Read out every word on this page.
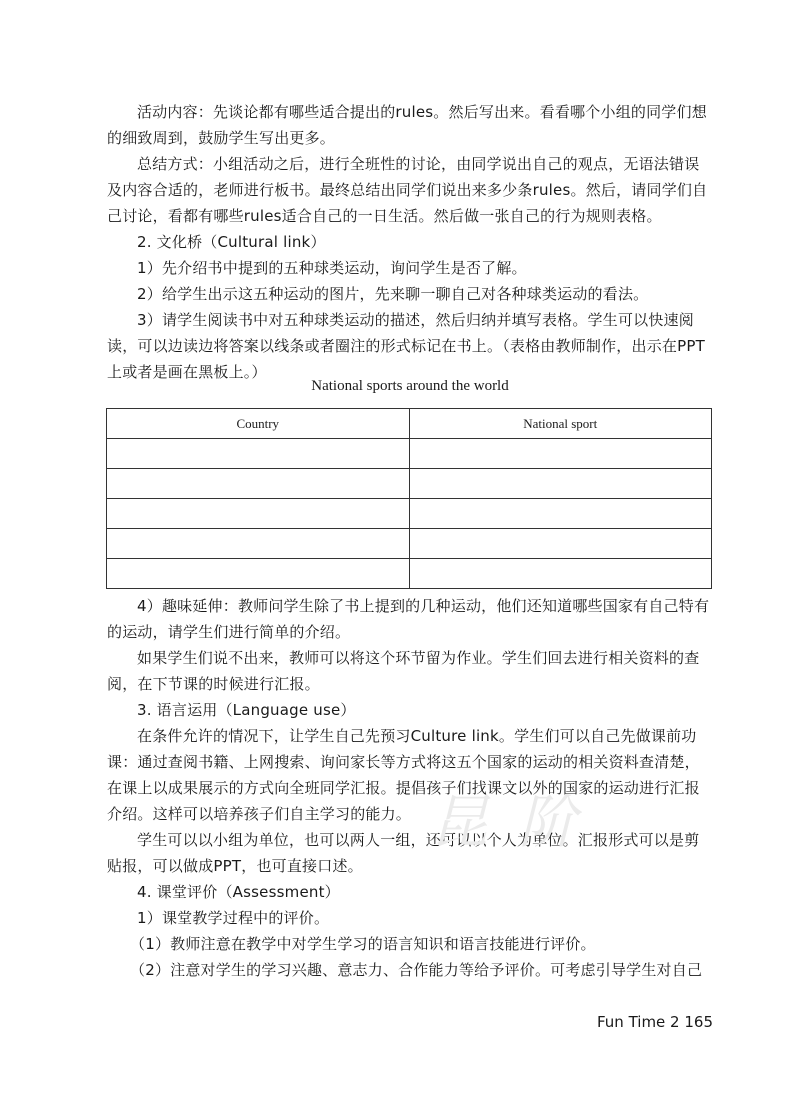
活动内容：先谈论都有哪些适合提出的rules。然后写出来。看看哪个小组的同学们想的细致周到，鼓励学生写出更多。

总结方式：小组活动之后，进行全班性的讨论，由同学说出自己的观点，无语法错误及内容合适的，老师进行板书。最终总结出同学们说出来多少条rules。然后，请同学们自己讨论，看都有哪些rules适合自己的一日生活。然后做一张自己的行为规则表格。

2. 文化桥（Cultural link）

1）先介绍书中提到的五种球类运动，询问学生是否了解。

2）给学生出示这五种运动的图片，先来聊一聊自己对各种球类运动的看法。

3）请学生阅读书中对五种球类运动的描述，然后归纳并填写表格。学生可以快速阅读，可以边读边将答案以线条或者圈注的形式标记在书上。（表格由教师制作，出示在PPT上或者是画在黑板上。）

National sports around the world
Country	National sport

4）趣味延伸：教师问学生除了书上提到的几种运动，他们还知道哪些国家有自己特有的运动，请学生们进行简单的介绍。

如果学生们说不出来，教师可以将这个环节留为作业。学生们回去进行相关资料的查阅，在下节课的时候进行汇报。

3. 语言运用（Language use）

在条件允许的情况下，让学生自己先预习Culture link。学生们可以自己先做课前功课：通过查阅书籍、上网搜索、询问家长等方式将这五个国家的运动的相关资料查清楚，在课上以成果展示的方式向全班同学汇报。提倡孩子们找课文以外的国家的运动进行汇报介绍。这样可以培养孩子们自主学习的能力。

学生可以以小组为单位，也可以两人一组，还可以以个人为单位。汇报形式可以是剪贴报，可以做成PPT，也可直接口述。

4. 课堂评价（Assessment）

1）课堂教学过程中的评价。

（1）教师注意在教学中对学生学习的语言知识和语言技能进行评价。

（2）注意对学生的学习兴趣、意志力、合作能力等给予评价。可考虑引导学生对自己

昆 阶
Fun Time 2 165
